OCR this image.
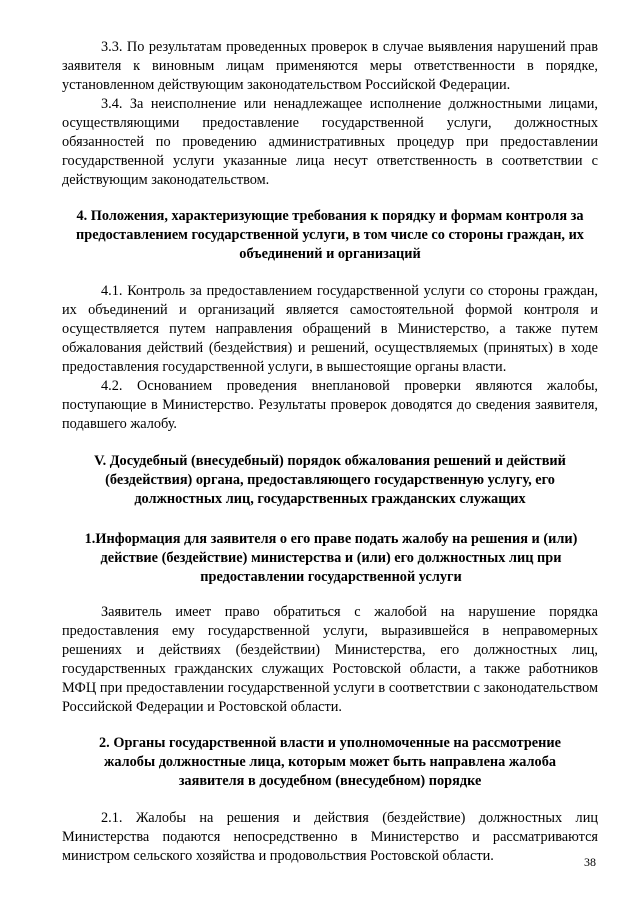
3.3. По результатам проведенных проверок в случае выявления нарушений прав заявителя к виновным лицам применяются меры ответственности в порядке, установленном действующим законодательством Российской Федерации.

3.4. За неисполнение или ненадлежащее исполнение должностными лицами, осуществляющими предоставление государственной услуги, должностных обязанностей по проведению административных процедур при предоставлении государственной услуги указанные лица несут ответственность в соответствии с действующим законодательством.

4. Положения, характеризующие требования к порядку и формам контроля за предоставлением государственной услуги, в том числе со стороны граждан, их объединений и организаций

4.1. Контроль за предоставлением государственной услуги со стороны граждан, их объединений и организаций является самостоятельной формой контроля и осуществляется путем направления обращений в Министерство, а также путем обжалования действий (бездействия) и решений, осуществляемых (принятых) в ходе предоставления государственной услуги, в вышестоящие органы власти.

4.2. Основанием проведения внеплановой проверки являются жалобы, поступающие в Министерство. Результаты проверок доводятся до сведения заявителя, подавшего жалобу.

V. Досудебный (внесудебный) порядок обжалования решений и действий (бездействия) органа, предоставляющего государственную услугу, его должностных лиц, государственных гражданских служащих
1.Информация для заявителя о его праве подать жалобу на решения и (или) действие (бездействие) министерства и (или) его должностных лиц при предоставлении государственной услуги

Заявитель имеет право обратиться с жалобой на нарушение порядка предоставления ему государственной услуги, выразившейся в неправомерных решениях и действиях (бездействии) Министерства, его должностных лиц, государственных гражданских служащих Ростовской области, а также работников МФЦ при предоставлении государственной услуги в соответствии с законодательством Российской Федерации и Ростовской области.

2. Органы государственной власти и уполномоченные на рассмотрение жалобы должностные лица, которым может быть направлена жалоба заявителя в досудебном (внесудебном) порядке

2.1. Жалобы на решения и действия (бездействие) должностных лиц Министерства подаются непосредственно в Министерство и рассматриваются министром сельского хозяйства и продовольствия Ростовской области.	38
